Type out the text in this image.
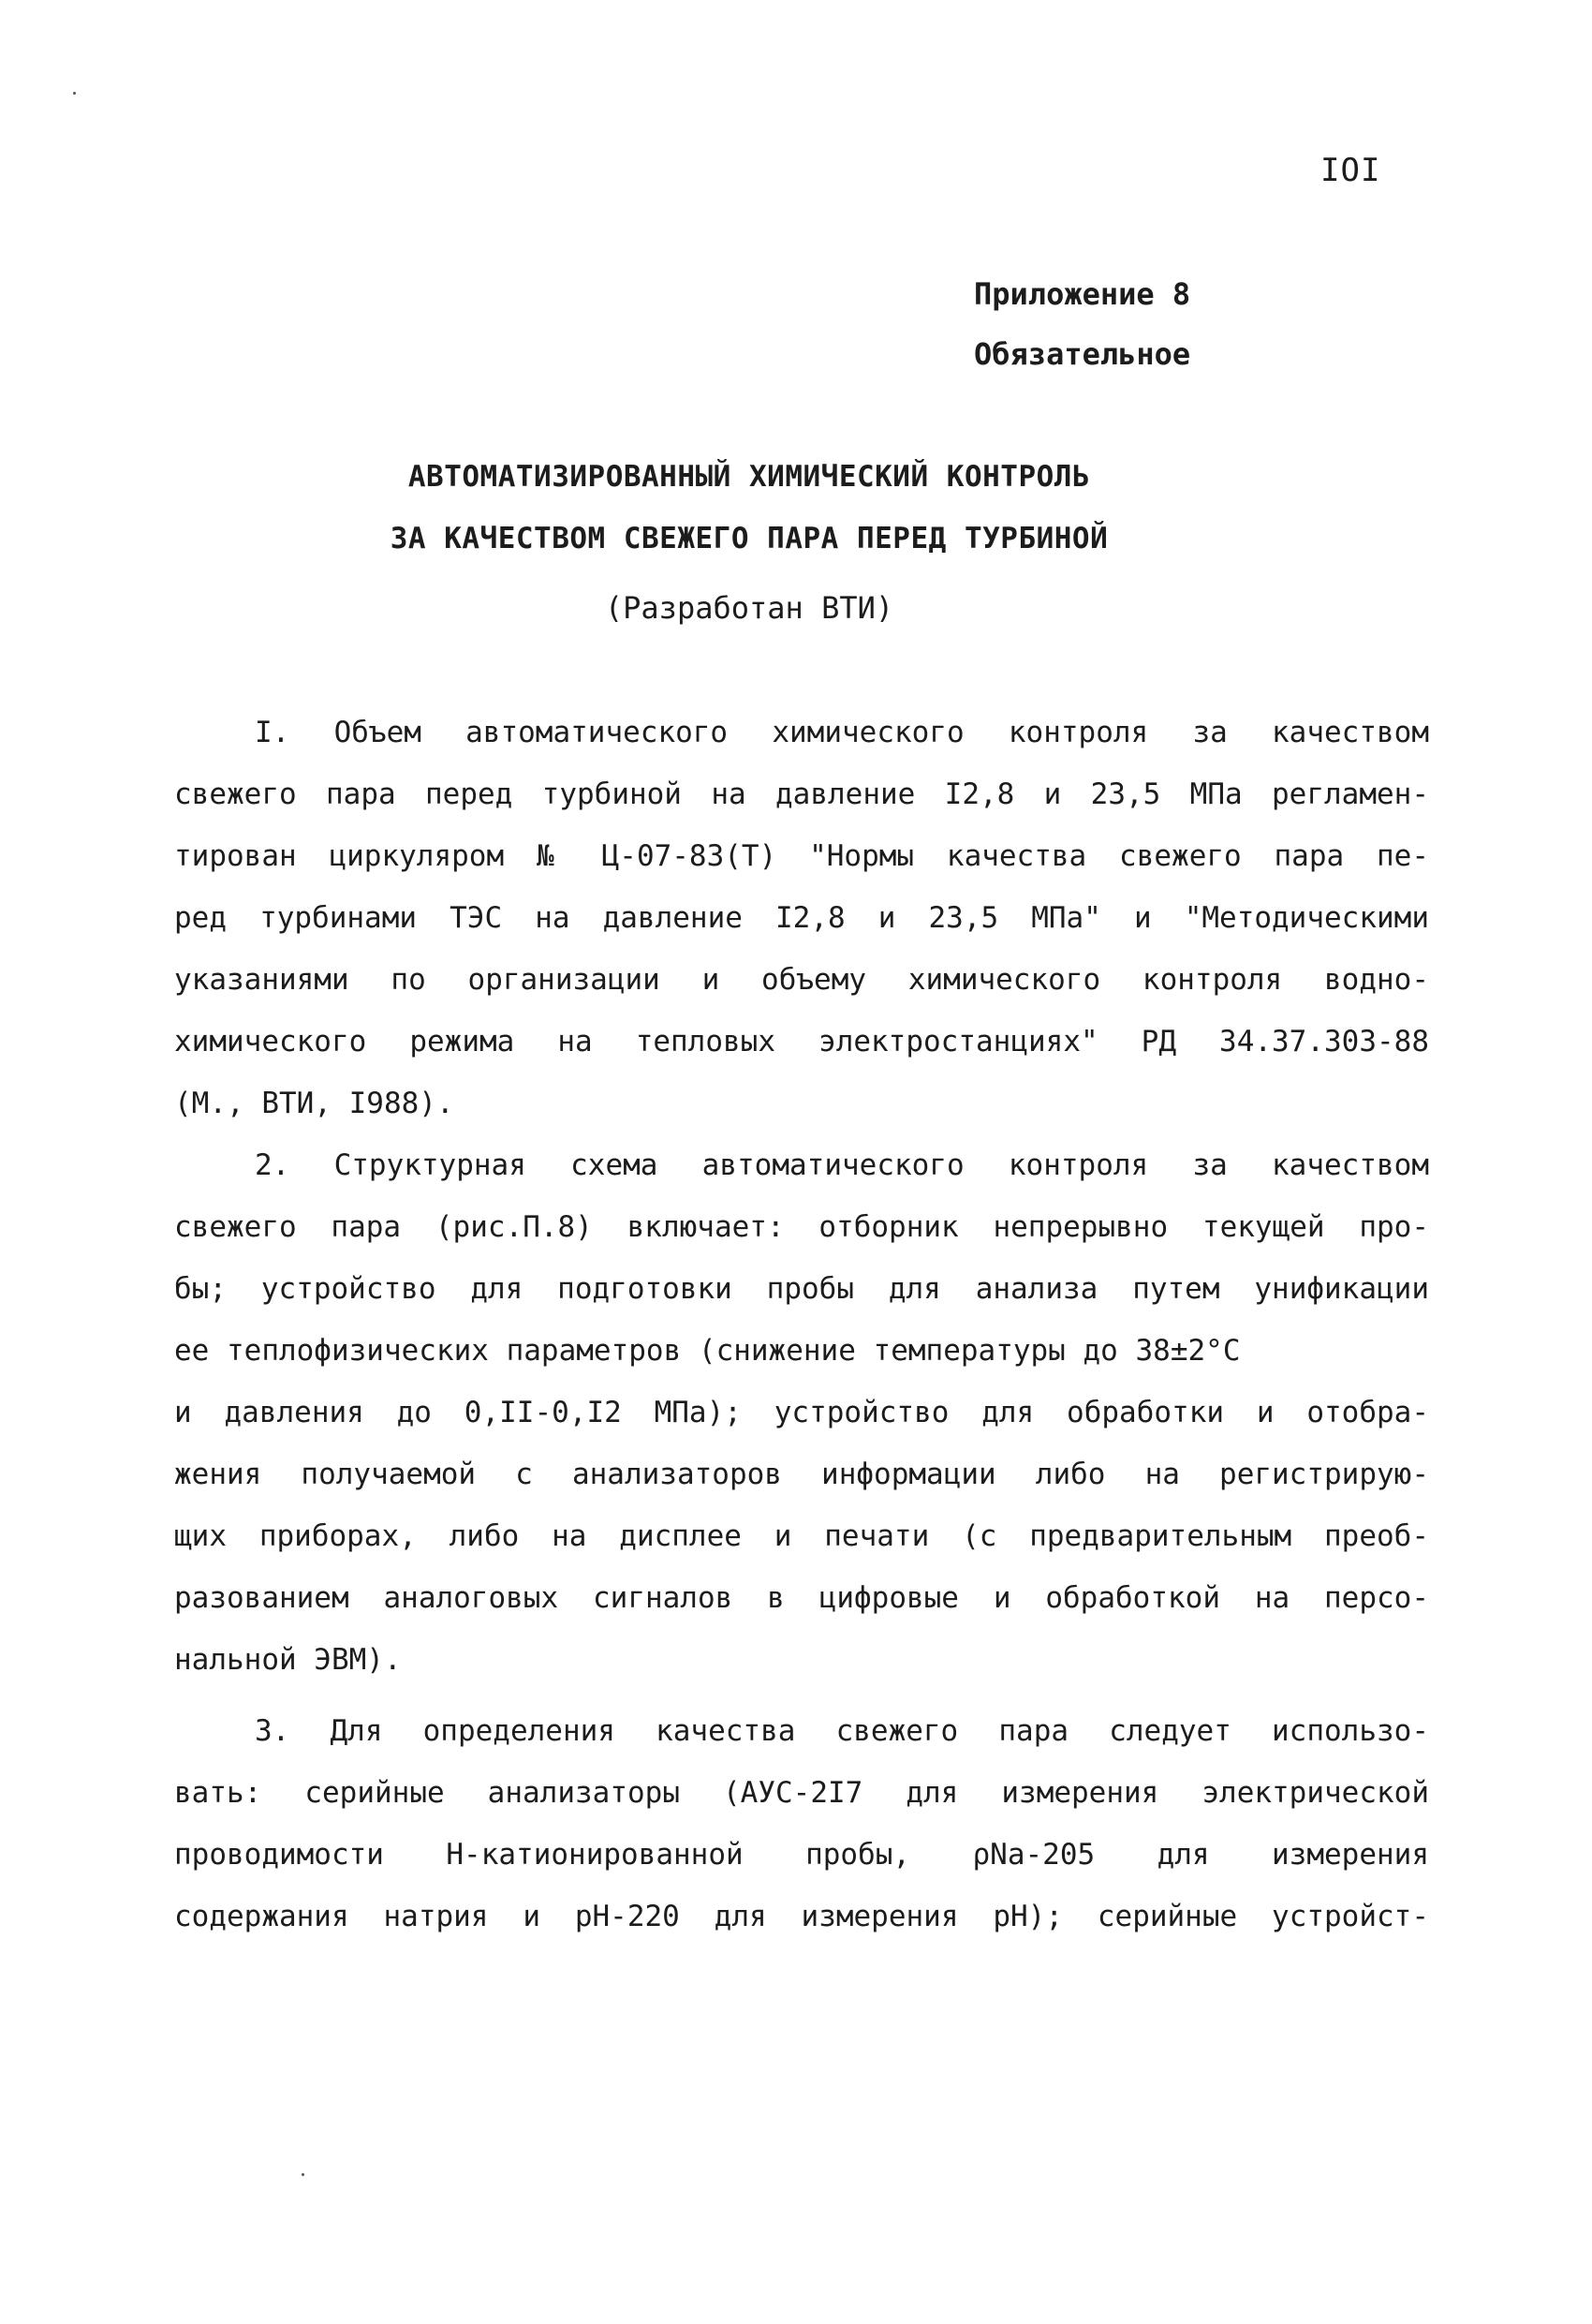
IOI
Приложение 8
Обязательное
АВТОМАТИЗИРОВАННЫЙ ХИМИЧЕСКИЙ КОНТРОЛЬ
ЗА КАЧЕСТВОМ СВЕЖЕГО ПАРА ПЕРЕД ТУРБИНОЙ
(Разработан ВТИ)
I. Объем автоматического химического контроля за качеством
свежего пара перед турбиной на давление I2,8 и 23,5 МПа регламен-
тирован циркуляром № Ц-07-83(Т) "Нормы качества свежего пара пе-
ред турбинами ТЭС на давление I2,8 и 23,5 МПа" и "Методическими
указаниями по организации и объему химического контроля водно-
химического режима на тепловых электростанциях" РД 34.37.303-88
(М., ВТИ, I988).
2. Структурная схема автоматического контроля за качеством
свежего пара (рис.П.8) включает: отборник непрерывно текущей про-
бы; устройство для подготовки пробы для анализа путем унификации
ее теплофизических параметров (снижение температуры до 38±2°С
и давления до 0,II-0,I2 МПа); устройство для обработки и отобра-
жения получаемой с анализаторов информации либо на регистрирую-
щих приборах, либо на дисплее и печати (с предварительным преоб-
разованием аналоговых сигналов в цифровые и обработкой на персо-
нальной ЭВМ).
3. Для определения качества свежего пара следует использо-
вать: серийные анализаторы (АУС-2I7 для измерения электрической
проводимости Н-катионированной пробы, ρNa-205 для измерения
содержания натрия и рН-220 для измерения рН); серийные устройст-
